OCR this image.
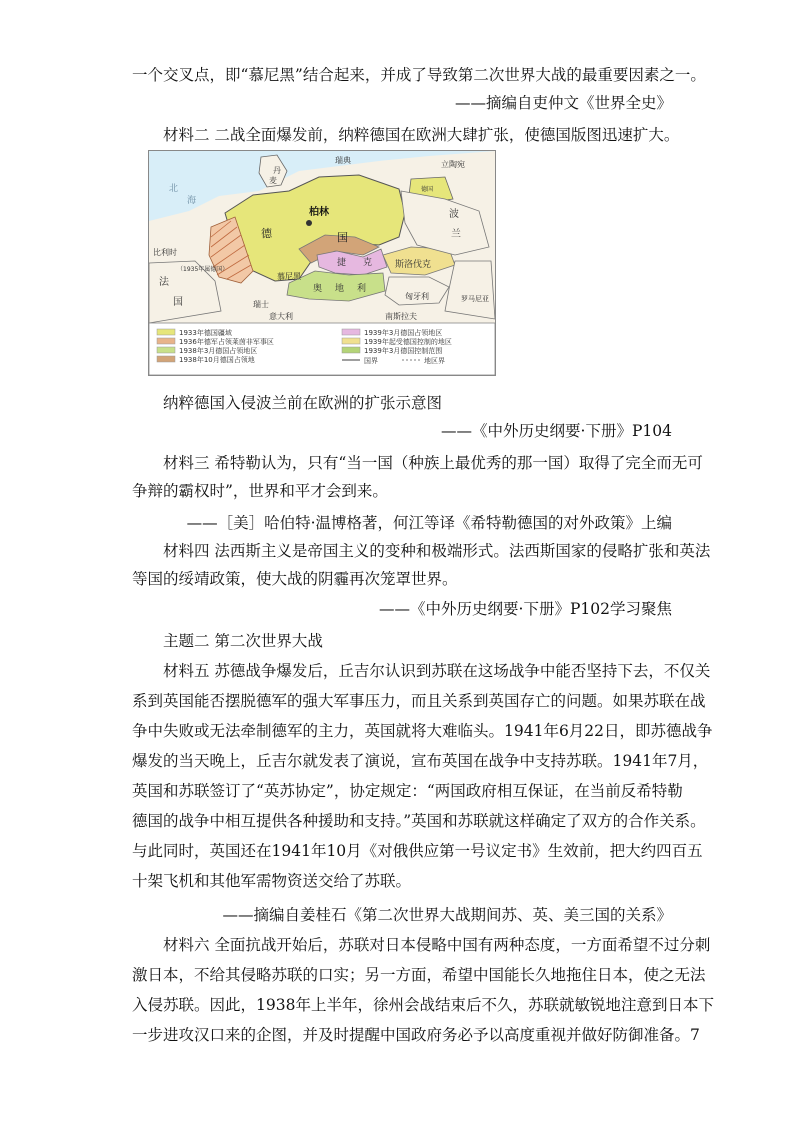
一个交叉点，即“慕尼黑”结合起来，并成了导致第二次世界大战的最重要因素之一。
——摘编自吏仲文《世界全史》
材料二 二战全面爆发前，纳粹德国在欧洲大肆扩张，使德国版图迅速扩大。
1933年德国疆域
1936年德军占领莱茵非军事区
1938年3月德国占领地区
1938年10月德国占领地
1939年3月德国占领地区
1939年起受德国控制的地区
1939年3月德国控制范围
国界	地区界
丹
麦
瑞典	立陶宛
德国
北
海
柏林
德	国
波
兰
捷 克	斯洛伐克
慕尼黑
奥 地 利
比利时
（1935年属德国）
法
国	瑞士
匈牙利
意大利	南斯拉夫
罗马尼亚
纳粹德国入侵波兰前在欧洲的扩张示意图
——《中外历史纲要·下册》P104
材料三 希特勒认为，只有“当一国（种族上最优秀的那一国）取得了完全而无可
争辩的霸权时”，世界和平才会到来。
——［美］哈伯特·温博格著，何江等译《希特勒德国的对外政策》上编
材料四 法西斯主义是帝国主义的变种和极端形式。法西斯国家的侵略扩张和英法
等国的绥靖政策，使大战的阴霾再次笼罩世界。
——《中外历史纲要·下册》P102学习聚焦
主题二 第二次世界大战
材料五 苏德战争爆发后，丘吉尔认识到苏联在这场战争中能否坚持下去，不仅关
系到英国能否摆脱德军的强大军事压力，而且关系到英国存亡的问题。如果苏联在战
争中失败或无法牵制德军的主力，英国就将大难临头。1941年6月22日，即苏德战争
爆发的当天晚上，丘吉尔就发表了演说，宣布英国在战争中支持苏联。1941年7月，
英国和苏联签订了“英苏协定”，协定规定：“两国政府相互保证，在当前反希特勒
德国的战争中相互提供各种援助和支持。”英国和苏联就这样确定了双方的合作关系。
与此同时，英国还在1941年10月《对俄供应第一号议定书》生效前，把大约四百五
十架飞机和其他军需物资送交给了苏联。
——摘编自姜桂石《第二次世界大战期间苏、英、美三国的关系》
材料六 全面抗战开始后，苏联对日本侵略中国有两种态度，一方面希望不过分刺
激日本，不给其侵略苏联的口实；另一方面，希望中国能长久地拖住日本，使之无法
入侵苏联。因此，1938年上半年，徐州会战结束后不久，苏联就敏锐地注意到日本下
一步进攻汉口来的企图，并及时提醒中国政府务必予以高度重视并做好防御准备。7
